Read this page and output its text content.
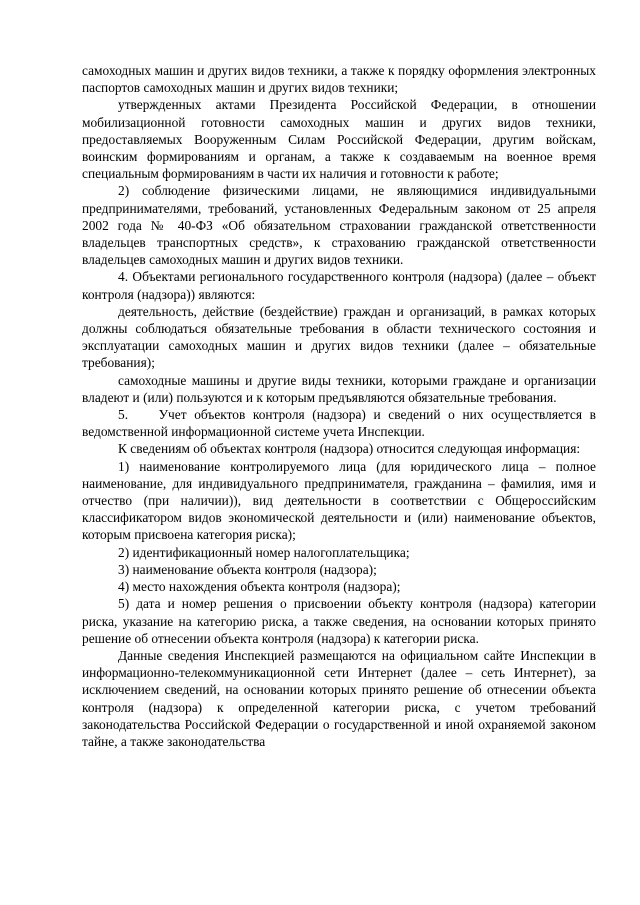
самоходных машин и других видов техники, а также к порядку оформления электронных паспортов самоходных машин и других видов техники;

утвержденных актами Президента Российской Федерации, в отношении мобилизационной готовности самоходных машин и других видов техники, предоставляемых Вооруженным Силам Российской Федерации, другим войскам, воинским формированиям и органам, а также к создаваемым на военное время специальным формированиям в части их наличия и готовности к работе;

2) соблюдение физическими лицами, не являющимися индивидуальными предпринимателями, требований, установленных Федеральным законом от 25 апреля 2002 года № 40-ФЗ «Об обязательном страховании гражданской ответственности владельцев транспортных средств», к страхованию гражданской ответственности владельцев самоходных машин и других видов техники.

4. Объектами регионального государственного контроля (надзора) (далее – объект контроля (надзора)) являются:

деятельность, действие (бездействие) граждан и организаций, в рамках которых должны соблюдаться обязательные требования в области технического состояния и эксплуатации самоходных машин и других видов техники (далее – обязательные требования);

самоходные машины и другие виды техники, которыми граждане и организации владеют и (или) пользуются и к которым предъявляются обязательные требования.

5.    Учет объектов контроля (надзора) и сведений о них осуществляется в ведомственной информационной системе учета Инспекции.

К сведениям об объектах контроля (надзора) относится следующая информация:

1) наименование контролируемого лица (для юридического лица – полное наименование, для индивидуального предпринимателя, гражданина – фамилия, имя и отчество (при наличии)), вид деятельности в соответствии с Общероссийским классификатором видов экономической деятельности и (или) наименование объектов, которым присвоена категория риска);

2) идентификационный номер налогоплательщика;

3) наименование объекта контроля (надзора);

4) место нахождения объекта контроля (надзора);

5) дата и номер решения о присвоении объекту контроля (надзора) категории риска, указание на категорию риска, а также сведения, на основании которых принято решение об отнесении объекта контроля (надзора) к категории риска.

Данные сведения Инспекцией размещаются на официальном сайте Инспекции в информационно-телекоммуникационной сети Интернет (далее – сеть Интернет), за исключением сведений, на основании которых принято решение об отнесении объекта контроля (надзора) к определенной категории риска, с учетом требований законодательства Российской Федерации о государственной и иной охраняемой законом тайне, а также законодательства
